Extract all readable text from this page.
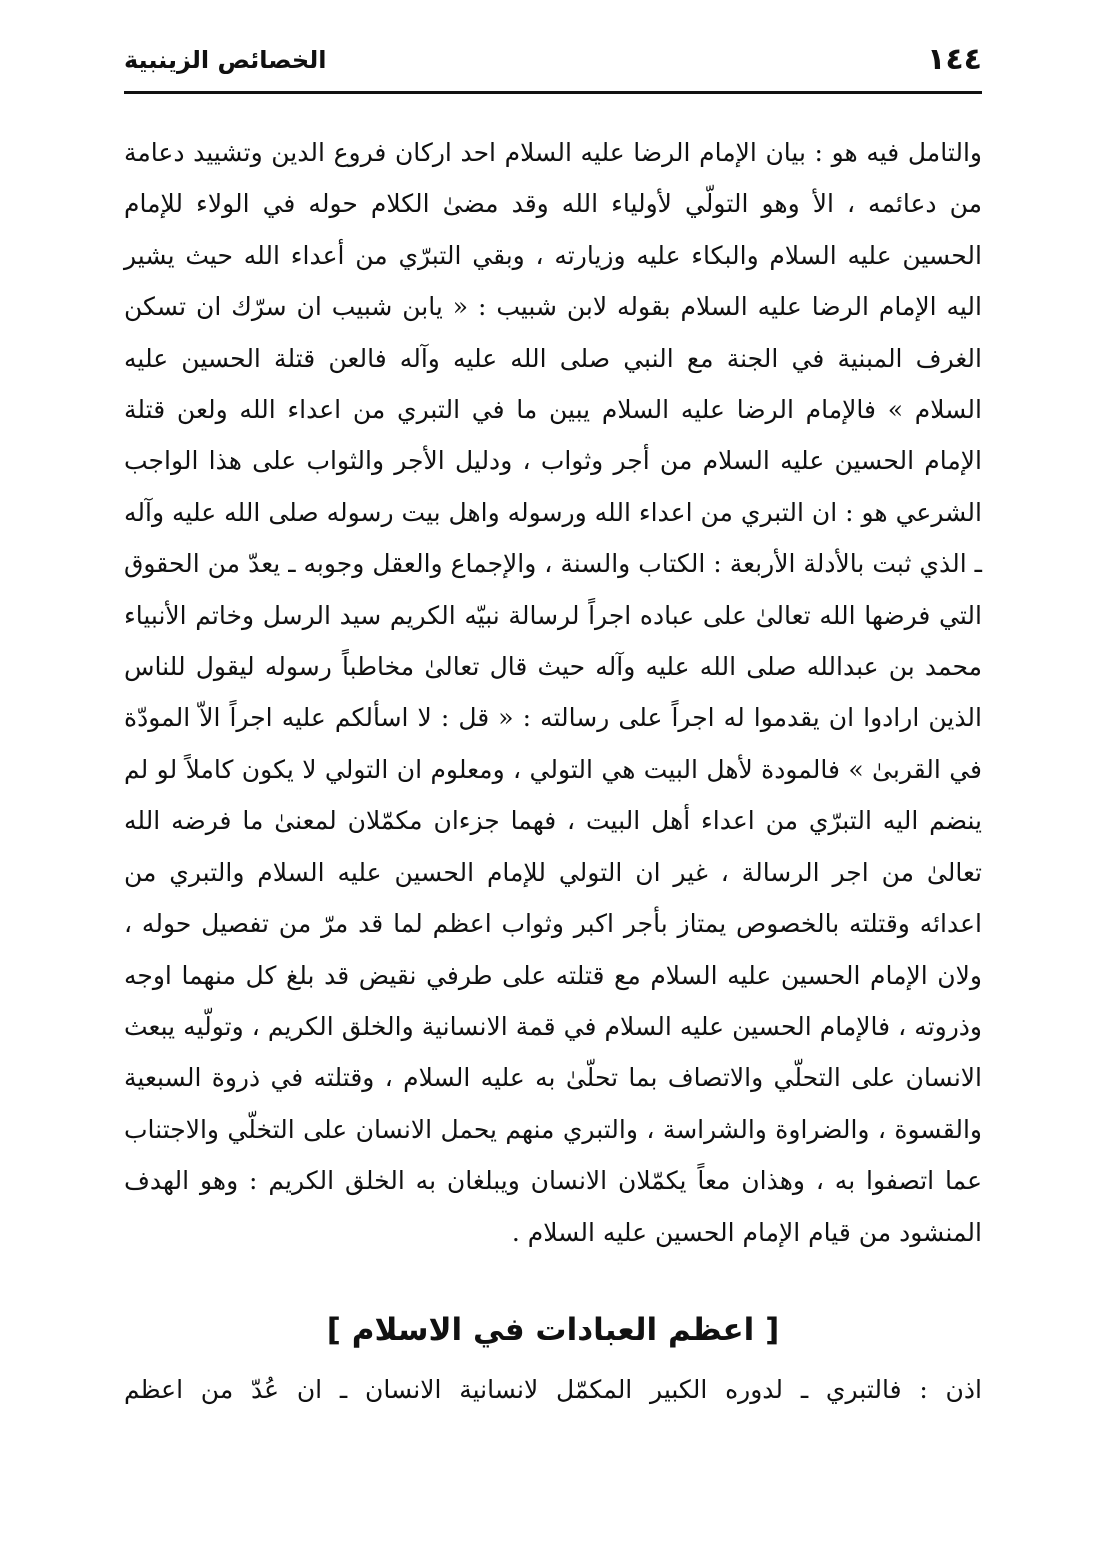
١٤٤
الخصائص الزينبية

والتامل فيه هو : بيان الإمام الرضا عليه السلام احد اركان فروع الدين وتشييد دعامة من دعائمه ، الأ وهو التولّي لأولياء الله وقد مضىٰ الكلام حوله في الولاء للإمام الحسين عليه السلام والبكاء عليه وزيارته ، وبقي التبرّي من أعداء الله حيث يشير اليه الإمام الرضا عليه السلام بقوله لابن شبيب : « يابن شبيب ان سرّك ان تسكن الغرف المبنية في الجنة مع النبي صلى الله عليه وآله فالعن قتلة الحسين عليه السلام » فالإمام الرضا عليه السلام يبين ما في التبري من اعداء الله ولعن قتلة الإمام الحسين عليه السلام من أجر وثواب ، ودليل الأجر والثواب على هذا الواجب الشرعي هو : ان التبري من اعداء الله ورسوله واهل بيت رسوله صلى الله عليه وآله ـ الذي ثبت بالأدلة الأربعة : الكتاب والسنة ، والإجماع والعقل وجوبه ـ يعدّ من الحقوق التي فرضها الله تعالىٰ على عباده اجراً لرسالة نبيّه الكريم سيد الرسل وخاتم الأنبياء محمد بن عبدالله صلى الله عليه وآله حيث قال تعالىٰ مخاطباً رسوله ليقول للناس الذين ارادوا ان يقدموا له اجراً على رسالته : « قل : لا اسألكم عليه اجراً الاّ المودّة في القربىٰ » فالمودة لأهل البيت هي التولي ، ومعلوم ان التولي لا يكون كاملاً لو لم ينضم اليه التبرّي من اعداء أهل البيت ، فهما جزءان مكمّلان لمعنىٰ ما فرضه الله تعالىٰ من اجر الرسالة ، غير ان التولي للإمام الحسين عليه السلام والتبري من اعدائه وقتلته بالخصوص يمتاز بأجر اكبر وثواب اعظم لما قد مرّ من تفصيل حوله ، ولان الإمام الحسين عليه السلام مع قتلته على طرفي نقيض قد بلغ كل منهما اوجه وذروته ، فالإمام الحسين عليه السلام في قمة الانسانية والخلق الكريم ، وتولّيه يبعث الانسان على التحلّي والاتصاف بما تحلّىٰ به عليه السلام ، وقتلته في ذروة السبعية والقسوة ، والضراوة والشراسة ، والتبري منهم يحمل الانسان على التخلّي والاجتناب عما اتصفوا به ، وهذان معاً يكمّلان الانسان ويبلغان به الخلق الكريم : وهو الهدف المنشود من قيام الإمام الحسين عليه السلام .

[ اعظم العبادات في الاسلام ]

اذن : فالتبري ـ لدوره الكبير المكمّل لانسانية الانسان ـ ان عُدّ من اعظم
